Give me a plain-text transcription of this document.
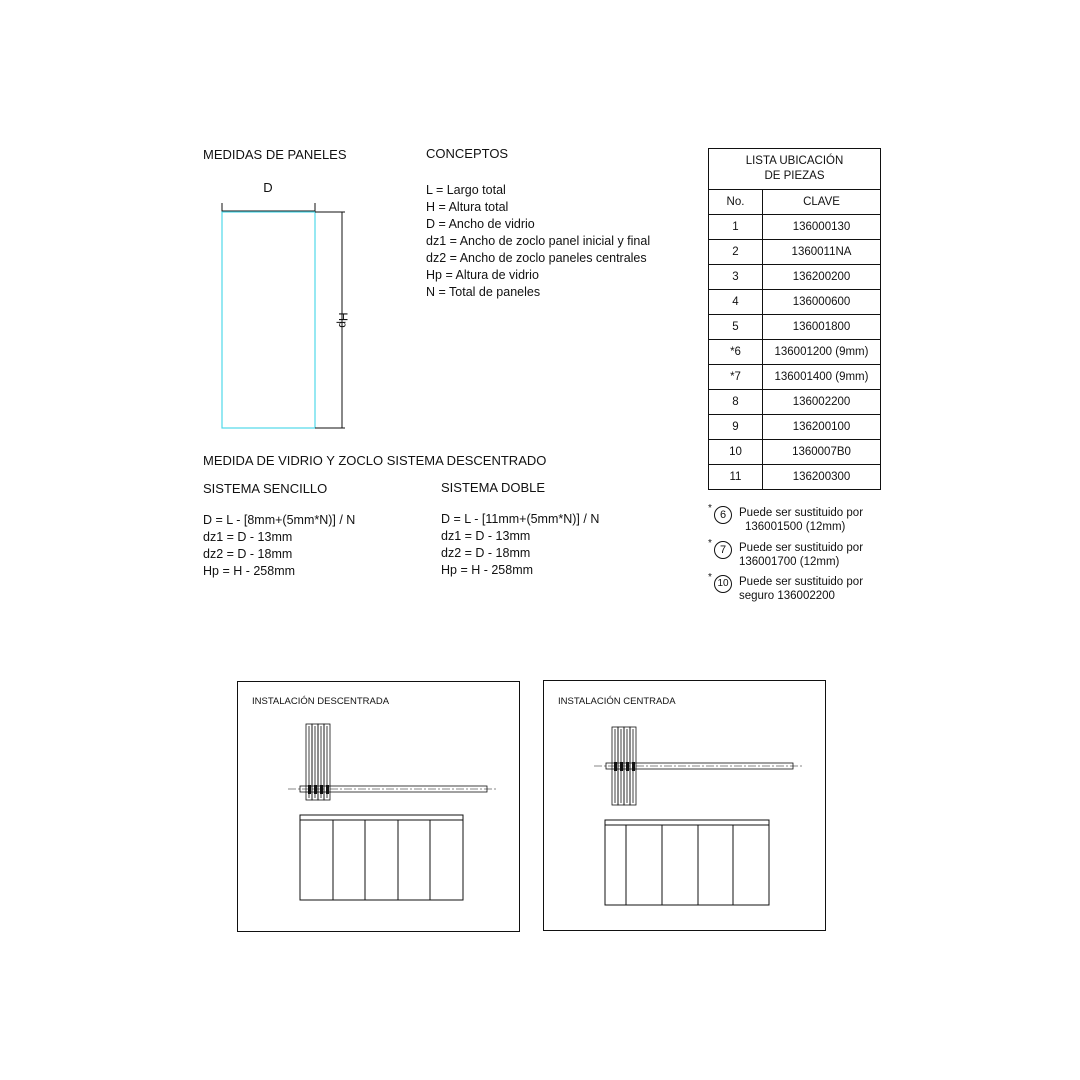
MEDIDAS DE PANELES
D
Hp
CONCEPTOS
L = Largo total
H = Altura total
D = Ancho de vidrio
dz1 = Ancho de zoclo panel inicial y final
dz2 = Ancho de zoclo paneles centrales
Hp = Altura de vidrio
N = Total de paneles
MEDIDA DE VIDRIO Y ZOCLO SISTEMA DESCENTRADO
SISTEMA SENCILLO
D = L - [8mm+(5mm*N)] / N
dz1 = D - 13mm
dz2 = D - 18mm
Hp = H - 258mm
SISTEMA DOBLE
D = L - [11mm+(5mm*N)] / N
dz1 = D - 13mm
dz2 = D - 18mm
Hp = H - 258mm
LISTA UBICACIÓN
DE PIEZAS	

No.	CLAVE
1	136000130
2	1360011NA
3	136200200
4	136000600
5	136001800
*6	136001200 (9mm)
*7	136001400 (9mm)
8	136002200
9	136200100
10	1360007B0
11	136200300
*
6	Puede ser sustituido por
136001500 (12mm)
*
7	Puede ser sustituido por
136001700 (12mm)
*
10 Puede ser sustituido por
seguro 136002200
INSTALACIÓN DESCENTRADA	INSTALACIÓN CENTRADA
